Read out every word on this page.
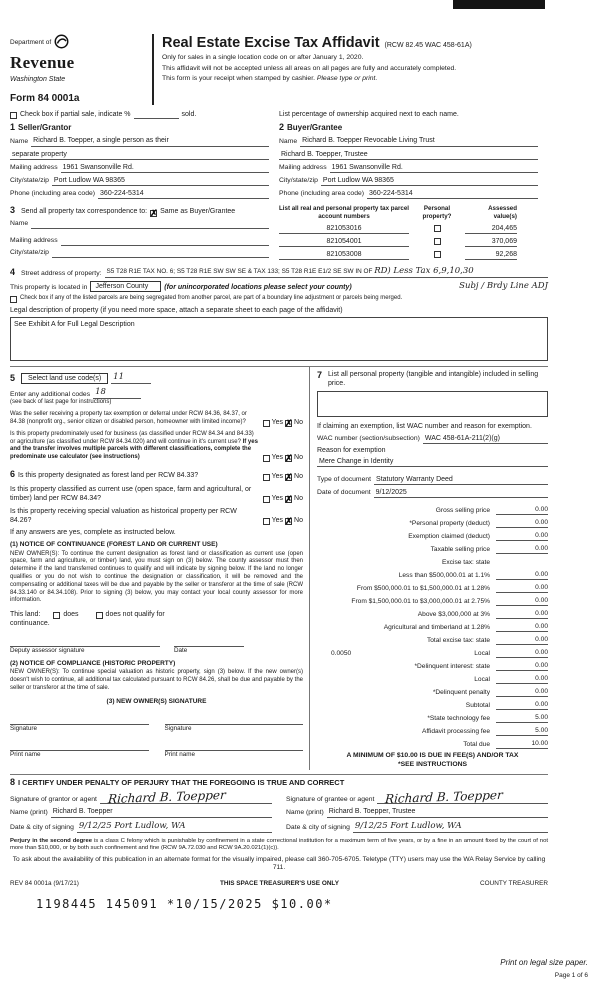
Department of
Revenue
Washington State
Form 84 0001a
Real Estate Excise Tax Affidavit (RCW 82.45 WAC 458-61A)
Only for sales in a single location code on or after January 1, 2020.
This affidavit will not be accepted unless all areas on all pages are fully and accurately completed.
This form is your receipt when stamped by cashier. Please type or print.
Check box if partial sale, indicate %	sold.	List percentage of ownership acquired next to each name.
1 Seller/Grantor
Name Richard B. Toepper, a single person as their
separate property
Mailing address 1961 Swansonville Rd.
City/state/zip Port Ludlow WA 98365
Phone (including area code) 360-224-5314
2 Buyer/Grantee
Name Richard B. Toepper Revocable Living Trust
Richard B. Toepper, Trustee
Mailing address 1961 Swansonville Rd.
City/state/zip Port Ludlow WA 98365
Phone (including area code) 360-224-5314
3 Send all property tax correspondence to: ✗ Same as Buyer/Grantee
Name
Mailing address
City/state/zip
List all real and personal property tax parcel account numbers
Personal property?
Assessed value(s)
821053016	204,465
821054001	370,069
821053008	92,268
4 Street address of property: S5 T28 R1E TAX NO. 6; S5 T28 R1E SW SW SE & TAX 133; S5 T28 R1E E1/2 SE SW IN OF RD) Less Tax 6,9,10,30
This property is located in	Jefferson County	(for unincorporated locations please select your county)	Subj / Brdy Line ADJ
Check box if any of the listed parcels are being segregated from another parcel, are part of a boundary line adjustment or parcels being merged.
Legal description of property (if you need more space, attach a separate sheet to each page of the affidavit)
See Exhibit A for Full Legal Description
5	Select land use code(s)	11
Enter any additional codes 18
(see back of last page for instructions)
Was the seller receiving a property tax exemption or deferral under RCW 84.36, 84.37, or 84.38 (nonprofit org., senior citizen or disabled person, homeowner with limited income)?	Yes ✗ No
Is this property predominately used for business (as classified under RCW 84.34 and 84.33) or agriculture (as classified under RCW 84.34.020) and will continue in it's current use? If yes and the transfer involves multiple parcels with different classifications, complete the predominate use calculator (see instructions)	Yes ✗ No
6 Is this property designated as forest land per RCW 84.33?	Yes ✗ No
Is this property classified as current use (open space, farm and agricultural, or timber) land per RCW 84.34?	Yes ✗ No
Is this property receiving special valuation as historical property per RCW 84.26?	Yes ✗ No
If any answers are yes, complete as instructed below.
(1) NOTICE OF CONTINUANCE (FOREST LAND OR CURRENT USE)
NEW OWNER(S): To continue the current designation as forest land or classification as current use (open space, farm and agriculture, or timber) land, you must sign on (3) below. The county assessor must then determine if the land transferred continues to qualify and will indicate by signing below. If the land no longer qualifies or you do not wish to continue the designation or classification, it will be removed and the compensating or additional taxes will be due and payable by the seller or transferor at the time of sale (RCW 84.33.140 or 84.34.108). Prior to signing (3) below, you may contact your local county assessor for more information.
This land:	does	does not qualify for
continuance.
Deputy assessor signature	Date
(2) NOTICE OF COMPLIANCE (HISTORIC PROPERTY)
NEW OWNER(S): To continue special valuation as historic property, sign (3) below. If the new owner(s) doesn't wish to continue, all additional tax calculated pursuant to RCW 84.26, shall be due and payable by the seller or transferor at the time of sale.
(3) NEW OWNER(S) SIGNATURE
Signature	Signature
Print name	Print name
7 List all personal property (tangible and intangible) included in selling price.
If claiming an exemption, list WAC number and reason for exemption.
WAC number (section/subsection) WAC 458-61A-211(2)(g)
Reason for exemption
Mere Change in Identity
Type of document Statutory Warranty Deed
Date of document 9/12/2025
Gross selling price	0.00
*Personal property (deduct)	0.00
Exemption claimed (deduct)	0.00
Taxable selling price	0.00
Excise tax: state
Less than $500,000.01 at 1.1%	0.00
From $500,000.01 to $1,500,000.01 at 1.28%	0.00
From $1,500,000.01 to $3,000,000.01 at 2.75%	0.00
Above $3,000,000 at 3%	0.00
Agricultural and timberland at 1.28%	0.00
Total excise tax: state	0.00
0.0050	Local	0.00
*Delinquent interest: state	0.00
Local	0.00
*Delinquent penalty	0.00
Subtotal	0.00
*State technology fee	5.00
Affidavit processing fee	5.00
Total due	10.00
A MINIMUM OF $10.00 IS DUE IN FEE(S) AND/OR TAX
*SEE INSTRUCTIONS
8 I CERTIFY UNDER PENALTY OF PERJURY THAT THE FOREGOING IS TRUE AND CORRECT
Signature of grantor or agent Richard B. Toepper
Name (print) Richard B. Toepper
Date & city of signing 9/12/25 Port Ludlow, WA
Signature of grantee or agent Richard B. Toepper
Name (print) Richard B. Toepper, Trustee
Date & city of signing 9/12/25 Fort Ludlow, WA

Perjury in the second degree is a class C felony which is punishable by confinement in a state correctional institution for a maximum term of five years, or by a fine in an amount fixed by the court of not more than $10,000, or by both such confinement and fine (RCW 9A.72.030 and RCW 9A.20.021(1)(c)).

To ask about the availability of this publication in an alternate format for the visually impaired, please call 360-705-6705. Teletype (TTY) users may use the WA Relay Service by calling 711.

REV 84 0001a (9/17/21)	THIS SPACE TREASURER'S USE ONLY	COUNTY TREASURER
1198445 145091 *10/15/2025 $10.00*
Print on legal size paper.
Page 1 of 6
